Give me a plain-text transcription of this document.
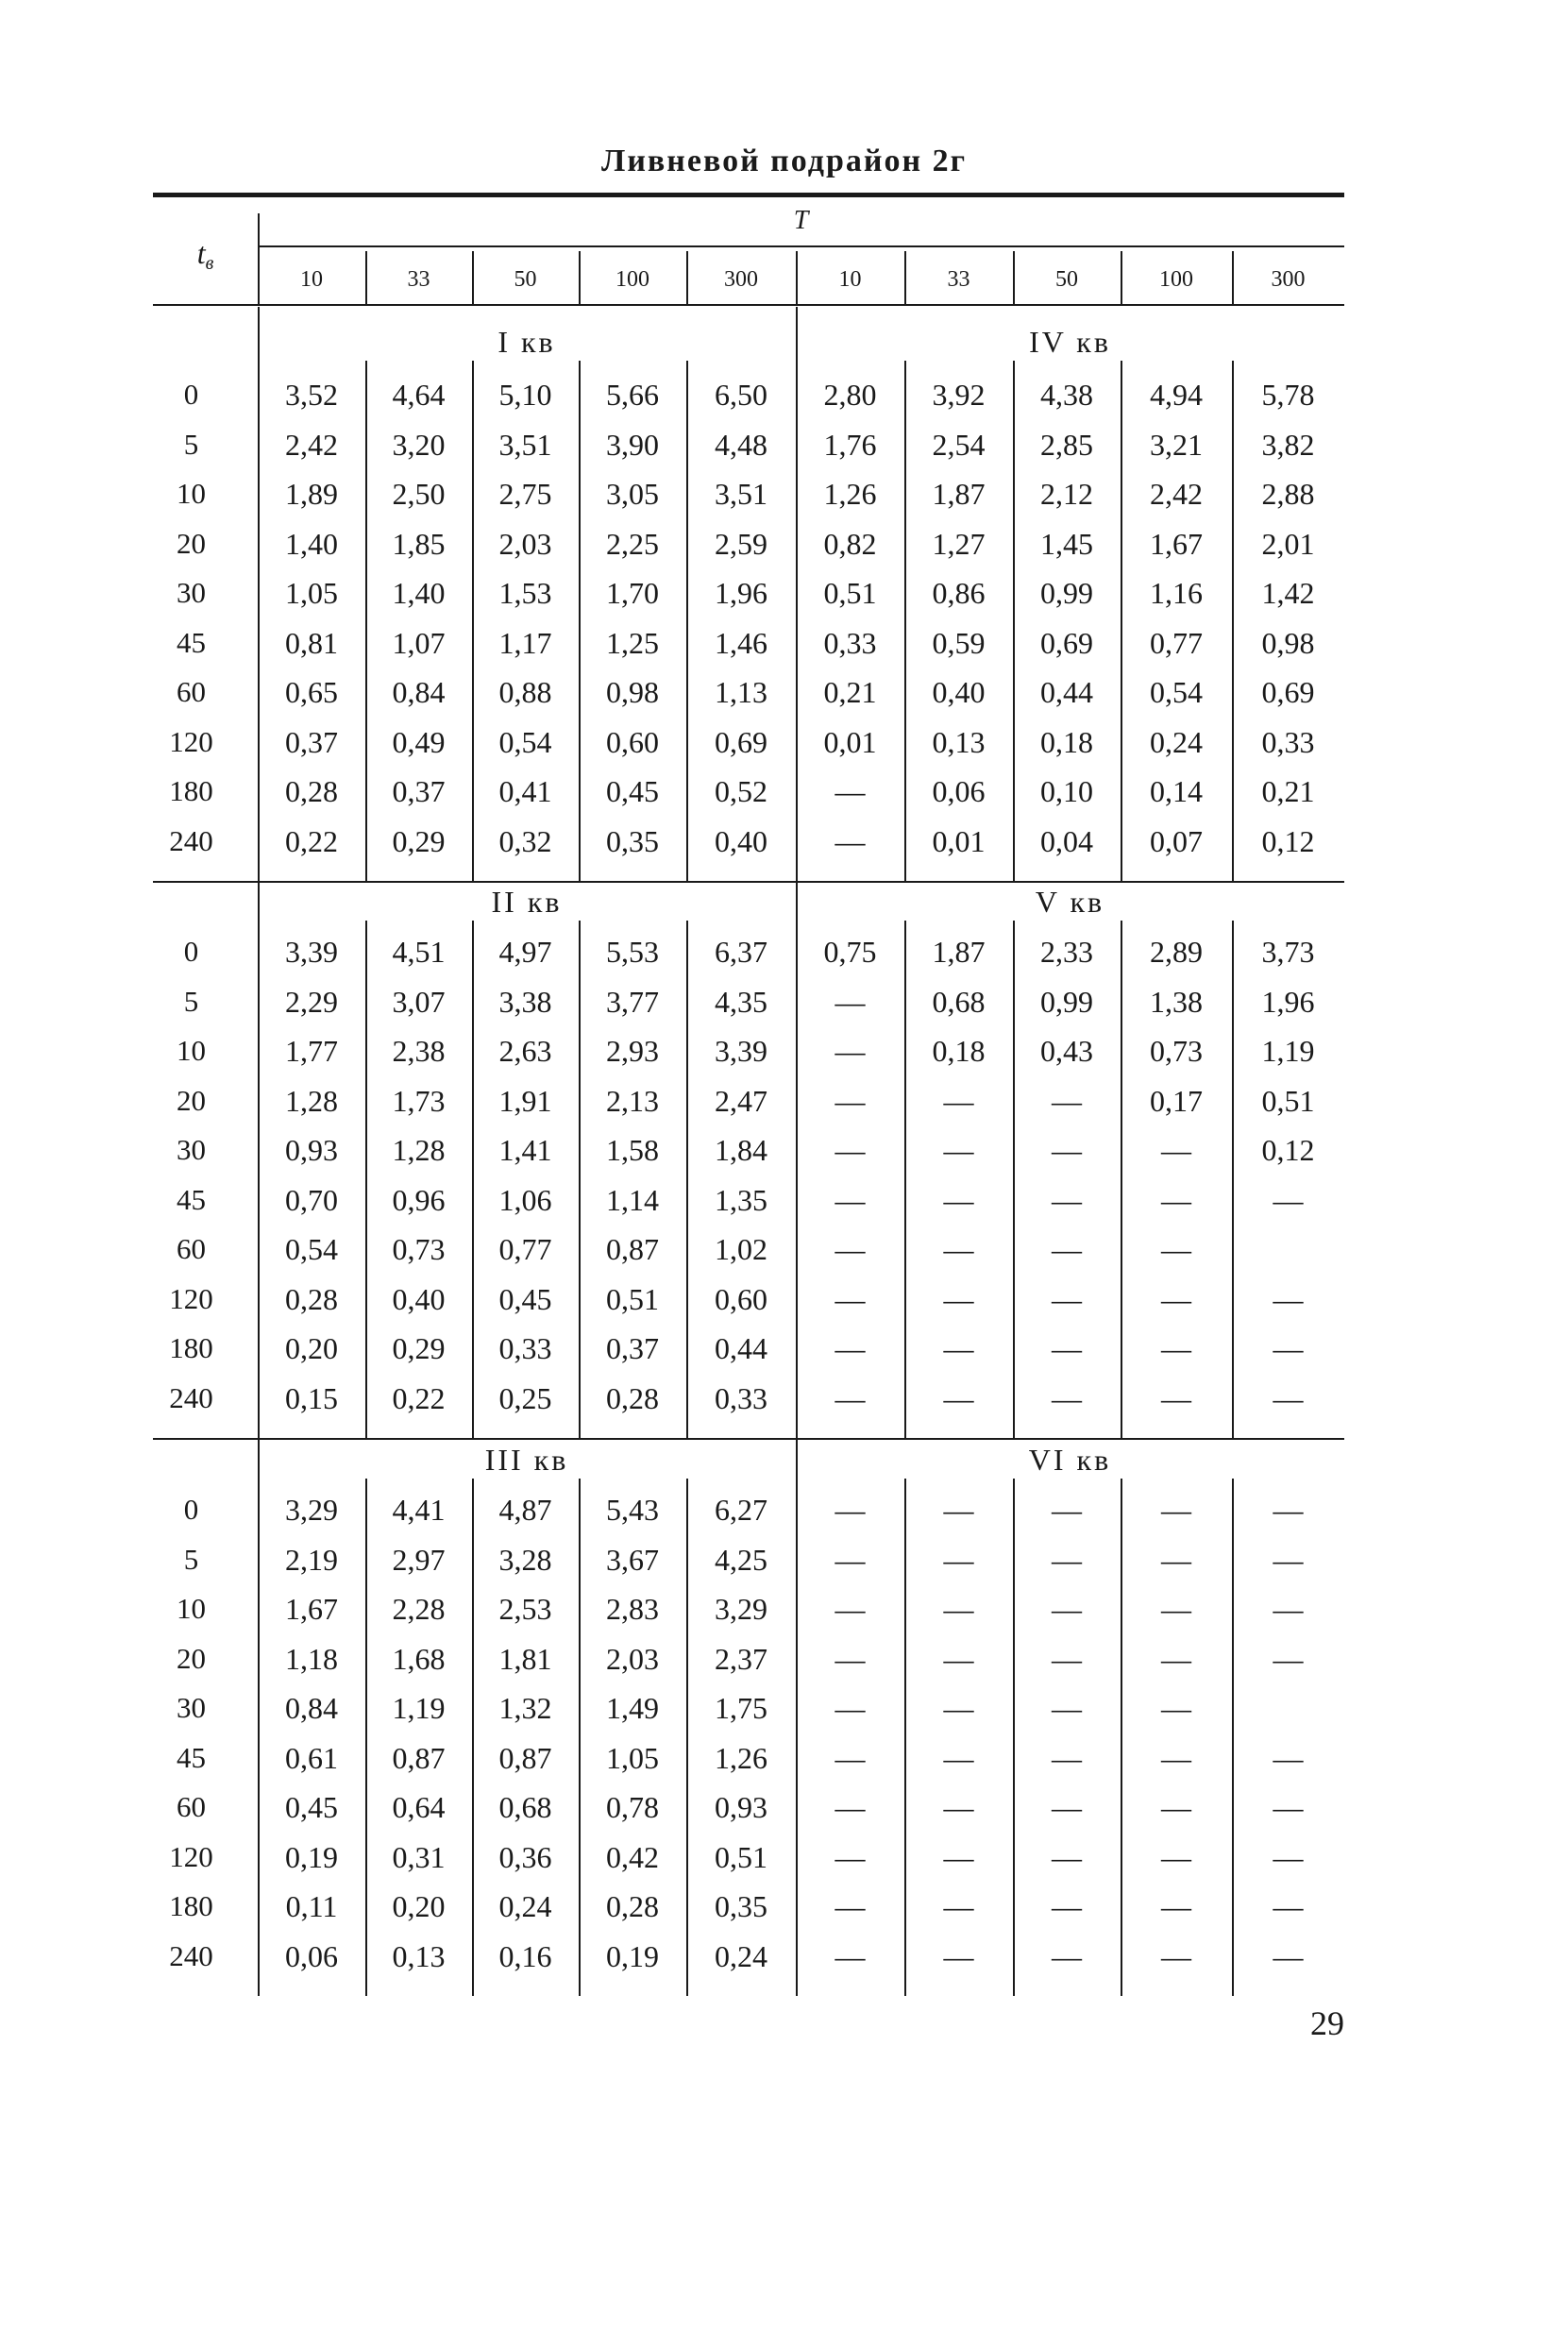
Ливневой подрайон 2г
tв
T
10	33	50	100	300	10	33	50	100	300
I кв	IV кв
0	3,52	4,64	5,10	5,66	6,50	2,80	3,92	4,38	4,94	5,78
5	2,42	3,20	3,51	3,90	4,48	1,76	2,54	2,85	3,21	3,82
10	1,89	2,50	2,75	3,05	3,51	1,26	1,87	2,12	2,42	2,88
20	1,40	1,85	2,03	2,25	2,59	0,82	1,27	1,45	1,67	2,01
30	1,05	1,40	1,53	1,70	1,96	0,51	0,86	0,99	1,16	1,42
45	0,81	1,07	1,17	1,25	1,46	0,33	0,59	0,69	0,77	0,98
60	0,65	0,84	0,88	0,98	1,13	0,21	0,40	0,44	0,54	0,69
120	0,37	0,49	0,54	0,60	0,69	0,01	0,13	0,18	0,24	0,33
180	0,28	0,37	0,41	0,45	0,52	—	0,06	0,10	0,14	0,21
240	0,22	0,29	0,32	0,35	0,40	—	0,01	0,04	0,07	0,12
II кв	V кв
0	3,39	4,51	4,97	5,53	6,37	0,75	1,87	2,33	2,89	3,73
5	2,29	3,07	3,38	3,77	4,35	—	0,68	0,99	1,38	1,96
10	1,77	2,38	2,63	2,93	3,39	—	0,18	0,43	0,73	1,19
20	1,28	1,73	1,91	2,13	2,47	—	—	—	0,17	0,51
30	0,93	1,28	1,41	1,58	1,84	—	—	—	—	0,12
45	0,70	0,96	1,06	1,14	1,35	—	—	—	—	—
60	0,54	0,73	0,77	0,87	1,02	—	—	—	—
120	0,28	0,40	0,45	0,51	0,60	—	—	—	—	—
180	0,20	0,29	0,33	0,37	0,44	—	—	—	—	—
240	0,15	0,22	0,25	0,28	0,33	—	—	—	—	—
III кв	VI кв
0	3,29	4,41	4,87	5,43	6,27	—	—	—	—	—
5	2,19	2,97	3,28	3,67	4,25	—	—	—	—	—
10	1,67	2,28	2,53	2,83	3,29	—	—	—	—	—
20	1,18	1,68	1,81	2,03	2,37	—	—	—	—	—
30	0,84	1,19	1,32	1,49	1,75	—	—	—	—
45	0,61	0,87	0,87	1,05	1,26	—	—	—	—	—
60	0,45	0,64	0,68	0,78	0,93	—	—	—	—	—
120	0,19	0,31	0,36	0,42	0,51	—	—	—	—	—
180	0,11	0,20	0,24	0,28	0,35	—	—	—	—	—
240	0,06	0,13	0,16	0,19	0,24	—	—	—	—	—
29
